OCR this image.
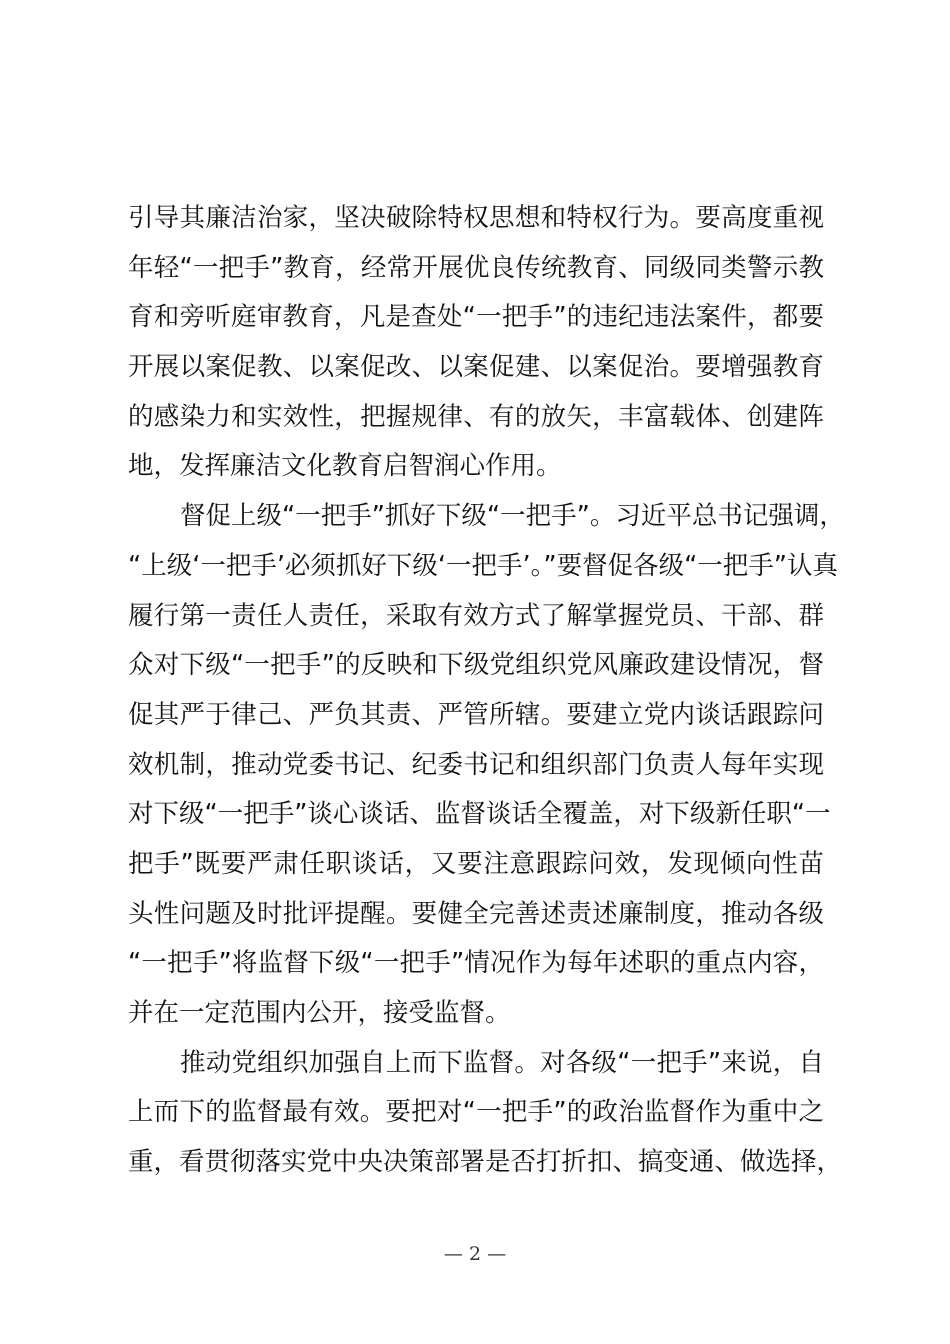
引导其廉洁治家，坚决破除特权思想和特权行为。要高度重视
年轻“一把手”教育，经常开展优良传统教育、同级同类警示教
育和旁听庭审教育，凡是查处“一把手”的违纪违法案件，都要
开展以案促教、以案促改、以案促建、以案促治。要增强教育
的感染力和实效性，把握规律、有的放矢，丰富载体、创建阵
地，发挥廉洁文化教育启智润心作用。
督促上级“一把手”抓好下级“一把手”。习近平总书记强调，
“上级‘一把手’必须抓好下级‘一把手’。”要督促各级“一把手”认真
履行第一责任人责任，采取有效方式了解掌握党员、干部、群
众对下级“一把手”的反映和下级党组织党风廉政建设情况，督
促其严于律己、严负其责、严管所辖。要建立党内谈话跟踪问
效机制，推动党委书记、纪委书记和组织部门负责人每年实现
对下级“一把手”谈心谈话、监督谈话全覆盖，对下级新任职“一
把手”既要严肃任职谈话，又要注意跟踪问效，发现倾向性苗
头性问题及时批评提醒。要健全完善述责述廉制度，推动各级
“一把手”将监督下级“一把手”情况作为每年述职的重点内容，
并在一定范围内公开，接受监督。
推动党组织加强自上而下监督。对各级“一把手”来说，自
上而下的监督最有效。要把对“一把手”的政治监督作为重中之
重，看贯彻落实党中央决策部署是否打折扣、搞变通、做选择，
— 2 —
